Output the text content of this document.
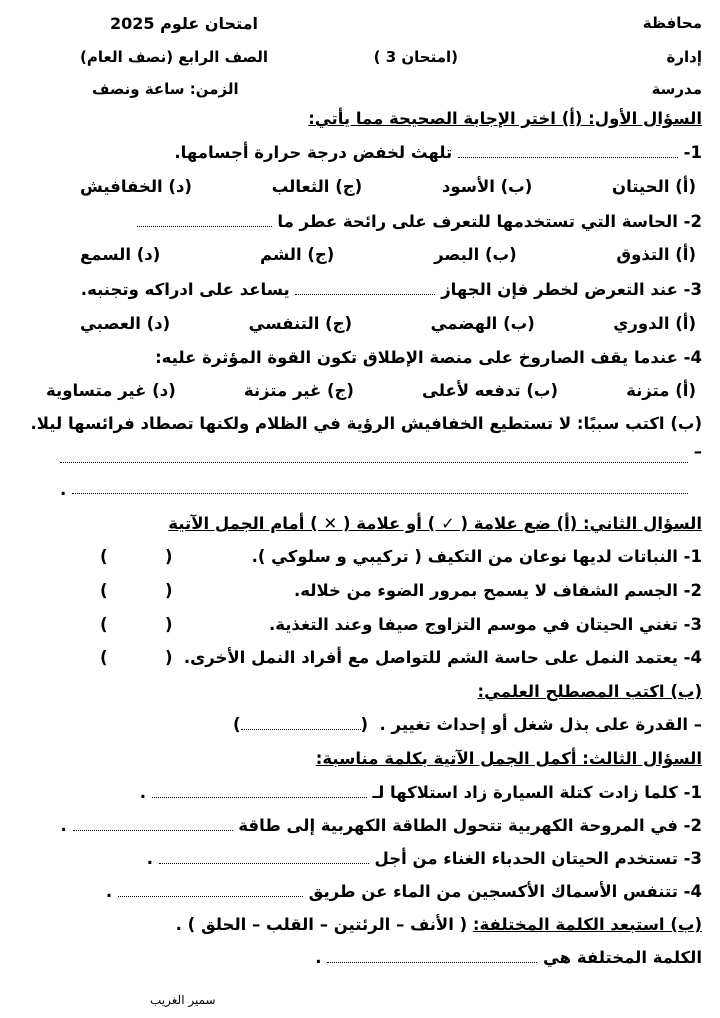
محافظة
إدارة
مدرسة
(امتحان 3 )
امتحان علوم 2025
الصف الرابع (نصف العام)
الزمن: ساعة ونصف
السؤال الأول: (أ) اختر الإجابة الصحيحة مما يأتي:
1-  تلهث لخفض درجة حرارة أجسامها.
(أ) الحيتان
(ب) الأسود
(ج) الثعالب
(د) الخفافيش
2- الحاسة التي تستخدمها للتعرف على رائحة عطر ما
(أ) التذوق
(ب) البصر
(ج) الشم
(د) السمع
3- عند التعرض لخطر فإن الجهاز  يساعد على ادراكه وتجنبه.
(أ) الدوري
(ب) الهضمي
(ج) التنفسي
(د) العصبي
4- عندما يقف الصاروخ على منصة الإطلاق تكون القوة المؤثرة عليه:
(أ) متزنة
(ب) تدفعه لأعلى
(ج) غير متزنة
(د) غير متساوية
(ب) اكتب سببًا: لا تستطيع الخفافيش الرؤية في الظلام ولكنها تصطاد فرائسها ليلا.
–
.
السؤال الثاني: (أ) ضع علامة ( ✓ ) أو علامة ( ✕ ) أمام الجمل الآتية
1- النباتات لديها نوعان من التكيف ( تركيبي و سلوكي ).
(          )
2- الجسم الشفاف لا يسمح بمرور الضوء من خلاله.
(          )
3- تغني الحيتان في موسم التزاوج صيفا وعند التغذية.
(          )
4- يعتمد النمل على حاسة الشم للتواصل مع أفراد النمل الأخرى.
(          )
(ب) اكتب المصطلح العلمي:
– القدرة على بذل شغل أو إحداث تغيير .  ()
السؤال الثالث: أكمل الجمل الآتية بكلمة مناسبة:
1- كلما زادت كتلة السيارة زاد استلاكها لـ  .
2- في المروحة الكهربية تتحول الطاقة الكهربية إلى طاقة  .
3- تستخدم الحيتان الحدباء الغناء من أجل  .
4- تتنفس الأسماك الأكسجين من الماء عن طريق  .
(ب) استبعد الكلمة المختلفة: ( الأنف – الرئتين – القلب – الحلق ) .
الكلمة المختلفة هي  .
سمير الغريب
